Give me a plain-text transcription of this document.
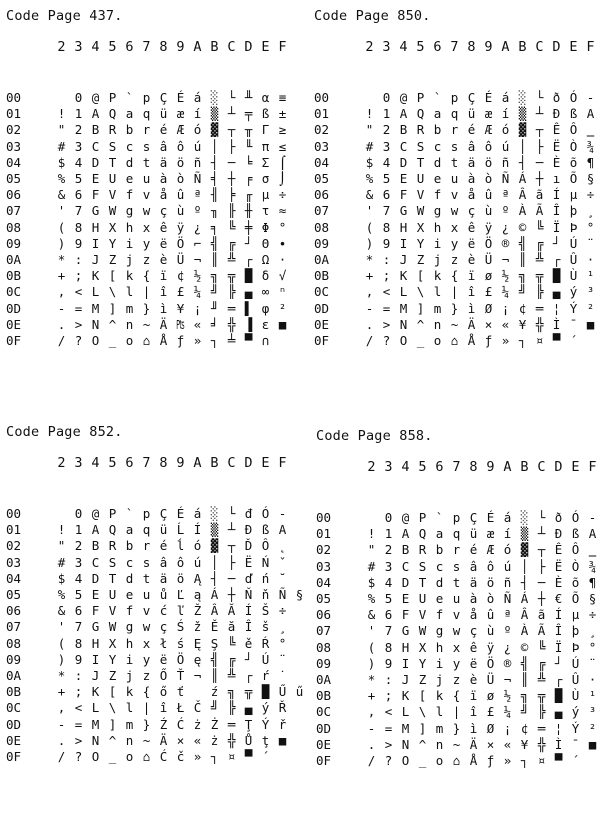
Code Page 437.
2 3 4 5 6 7 8 9 A B C D E F
00	0 @ P ` p Ç É á ░ └ ╨ α ≡
01	! 1 A Q a q ü æ í ▒ ┴ ╤ ß ±
02	" 2 B R b r é Æ ó ▓ ┬ ╥ Γ ≥
03	# 3 C S c s â ô ú │ ├ ╙ π ≤
04	$ 4 D T d t ä ö ñ ┤ ─ ╘ Σ ⌠
05	% 5 E U e u à ò Ñ ╡ ┼ ╒ σ ⌡
06	& 6 F V f v å û ª ╢ ╞ ╓ µ ÷
07	' 7 G W g w ç ù º ╖ ╟ ╫ τ ≈
08	( 8 H X h x ê ÿ ¿ ╕ ╚ ╪ Φ °
09	) 9 I Y i y ë Ö ⌐ ╣ ╔ ┘ Θ ∙
0A	* : J Z j z è Ü ¬ ║ ╩ ┌ Ω ·
0B	+ ; K [ k { ï ¢ ½ ╗ ╦ █ δ √
0C	, < L \ l | î £ ¼ ╝ ╠ ▄ ∞ ⁿ
0D	- = M ] m } ì ¥ ¡ ╜ ═ ▌ φ ²
0E	. > N ^ n ~ Ä ₧ « ╛ ╬ ▐ ε ■
0F	/ ? O _ o ⌂ Å ƒ » ┐ ╧ ▀ ∩
Code Page 850.
2 3 4 5 6 7 8 9 A B C D E F
00	0 @ P ` p Ç É á ░ └ ð Ó -
01	! 1 A Q a q ü æ í ▒ ┴ Ð ß A
02	" 2 B R b r é Æ ó ▓ ┬ Ê Ô ‗
03	# 3 C S c s â ô ú │ ├ Ë Ò ¾
04	$ 4 D T d t ä ö ñ ┤ ─ È õ ¶
05	% 5 E U e u à ò Ñ Á ┼ ı Õ §
06	& 6 F V f v å û ª Â ã Í µ ÷
07	' 7 G W g w ç ù º À Ã Î þ ¸
08	( 8 H X h x ê ÿ ¿ © ╚ Ï Þ °
09	) 9 I Y i y ë Ö ® ╣ ╔ ┘ Ú ¨
0A	* : J Z j z è Ü ¬ ║ ╩ ┌ Û ·
0B	+ ; K [ k { ï ø ½ ╗ ╦ █ Ù ¹
0C	, < L \ l | î £ ¼ ╝ ╠ ▄ ý ³
0D	- = M ] m } ì Ø ¡ ¢ ═ ¦ Ý ²
0E	. > N ^ n ~ Ä × « ¥ ╬ Ì ¯ ■
0F	/ ? O _ o ⌂ Å ƒ » ┐ ¤ ▀ ´
Code Page 852.
2 3 4 5 6 7 8 9 A B C D E F
00	0 @ P ` p Ç É á ░ └ đ Ó -
01	! 1 A Q a q ü Ĺ Í ▒ ┴ Đ ß A
02	" 2 B R b r é ĺ ó ▓ ┬ Ď Ô ˛
03	# 3 C S c s â ô ú │ ├ Ë Ń ˇ
04	$ 4 D T d t ä ö Ą ┤ ─ ď ń ˘
05	% 5 E U e u ů Ľ ą Á ┼ Ň ň Ñ §
06	& 6 F V f v ć ľ Ž Â Ă Í Š ÷
07	' 7 G W g w ç Ś ž Ě ă Î š ¸
08	( 8 H X h x ł ś Ę Ş ╚ ě Ŕ °
09	) 9 I Y i y ë Ö ę ╣ ╔ ┘ Ú ¨
0A	* : J Z j z Ő Ť ¬ ║ ╩ ┌ ŕ ˙
0B	+ ; K [ k { ő ť	ź ╗ ╦ █ Ű ű
0C	, < L \ l | î Ł Č ╝ ╠ ▄ ý Ř
0D	- = M ] m } Ź Ć ż Ż ═ Ţ Ý ř
0E	. > N ^ n ~ Ä × « ż ╬ Ů ţ ■
0F	/ ? O _ o ⌂ Ć č » ┐ ¤ ▀ ´
Code Page 858.
2 3 4 5 6 7 8 9 A B C D E F
00	0 @ P ` p Ç É á ░ └ ð Ó -
01	! 1 A Q a q ü æ í ▒ ┴ Ð ß A
02	" 2 B R b r é Æ ó ▓ ┬ Ê Ô ‗
03	# 3 C S c s â ô ú │ ├ Ë Ò ¾
04	$ 4 D T d t ä ö ñ ┤ ─ È õ ¶
05	% 5 E U e u à ò Ñ Á ┼ € Õ §
06	& 6 F V f v å û ª Â ã Í µ ÷
07	' 7 G W g w ç ù º À Ã Î þ ¸
08	( 8 H X h x ê ÿ ¿ © ╚ Ï Þ °
09	) 9 I Y i y ë Ö ® ╣ ╔ ┘ Ú ¨
0A	* : J Z j z è Ü ¬ ║ ╩ ┌ Û ·
0B	+ ; K [ k { ï ø ½ ╗ ╦ █ Ù ¹
0C	, < L \ l | î £ ¼ ╝ ╠ ▄ ý ³
0D	- = M ] m } ì Ø ¡ ¢ ═ ¦ Ý ²
0E	. > N ^ n ~ Ä × « ¥ ╬ Ì ¯ ■
0F	/ ? O _ o ⌂ Å ƒ » ┐ ¤ ▀ ´
